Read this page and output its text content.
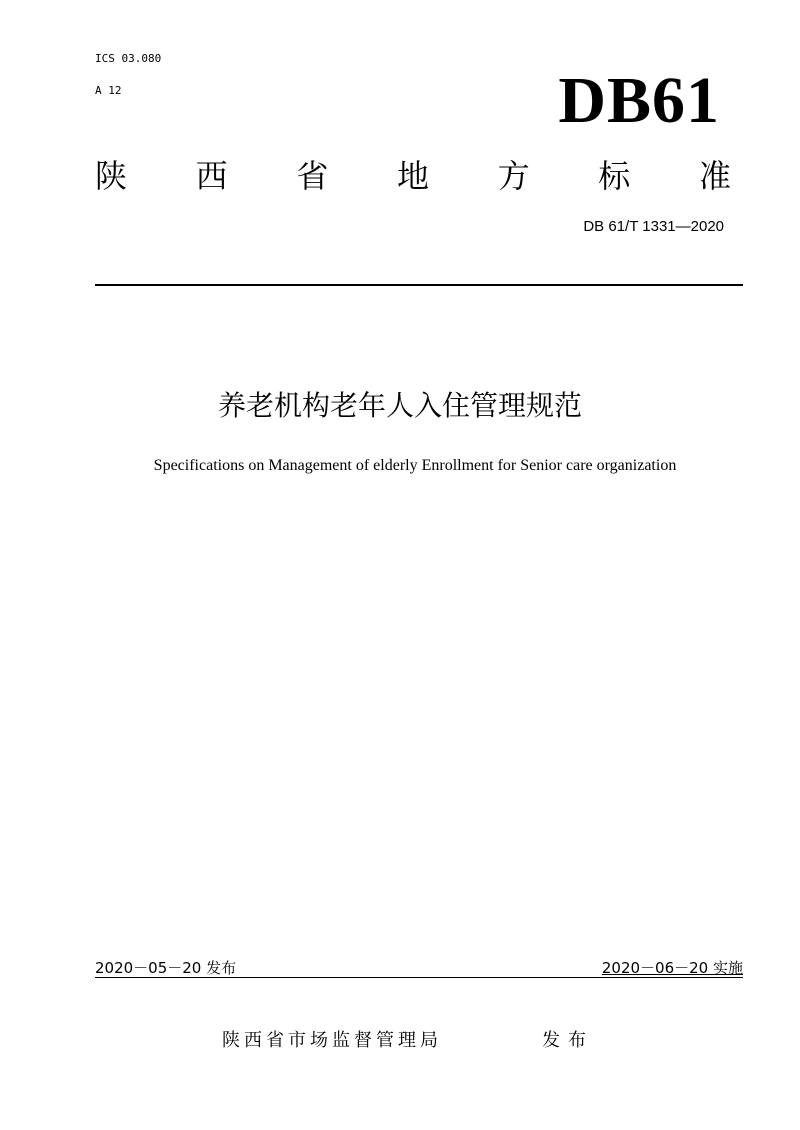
ICS 03.080
A 12	DB61
陕 西 省 地 方 标 准
DB 61/T 1331—2020
养老机构老年人入住管理规范
Specifications on Management of elderly Enrollment for Senior care organization
2020－05－20 发布	2020－06－20 实施
陕西省市场监督管理局	发布
